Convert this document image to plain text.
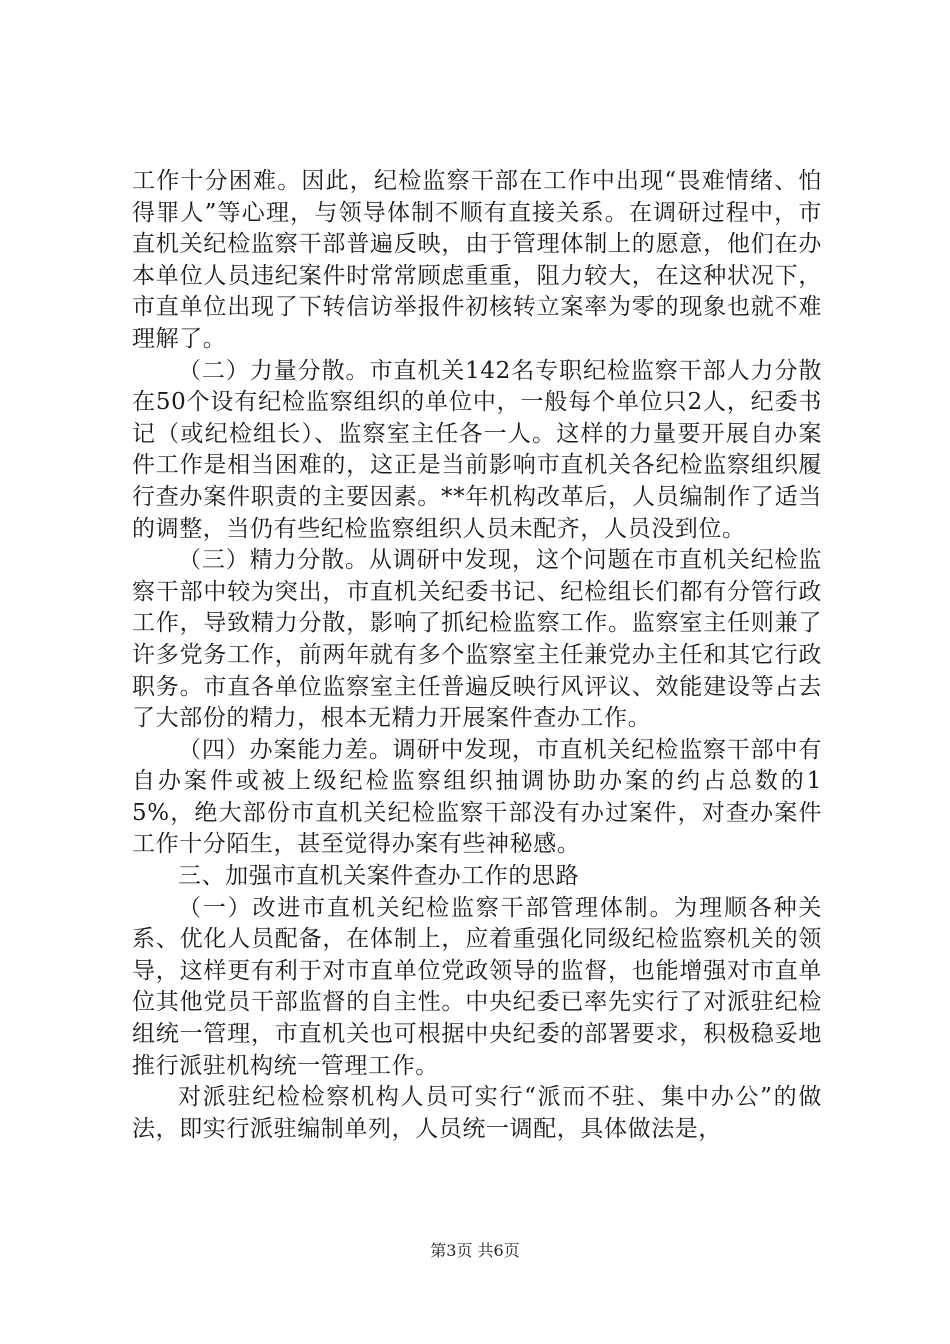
工作十分困难。因此，纪检监察干部在工作中出现“畏难情绪、怕得罪人”等心理，与领导体制不顺有直接关系。在调研过程中，市直机关纪检监察干部普遍反映，由于管理体制上的愿意，他们在办本单位人员违纪案件时常常顾虑重重，阻力较大，在这种状况下，市直单位出现了下转信访举报件初核转立案率为零的现象也就不难理解了。

（二）力量分散。市直机关142名专职纪检监察干部人力分散在50个设有纪检监察组织的单位中，一般每个单位只2人，纪委书记（或纪检组长）、监察室主任各一人。这样的力量要开展自办案件工作是相当困难的，这正是当前影响市直机关各纪检监察组织履行查办案件职责的主要因素。**年机构改革后，人员编制作了适当的调整，当仍有些纪检监察组织人员未配齐，人员没到位。

（三）精力分散。从调研中发现，这个问题在市直机关纪检监察干部中较为突出，市直机关纪委书记、纪检组长们都有分管行政工作，导致精力分散，影响了抓纪检监察工作。监察室主任则兼了许多党务工作，前两年就有多个监察室主任兼党办主任和其它行政职务。市直各单位监察室主任普遍反映行风评议、效能建设等占去了大部份的精力，根本无精力开展案件查办工作。

（四）办案能力差。调研中发现，市直机关纪检监察干部中有自办案件或被上级纪检监察组织抽调协助办案的约占总数的15%，绝大部份市直机关纪检监察干部没有办过案件，对查办案件工作十分陌生，甚至觉得办案有些神秘感。

三、加强市直机关案件查办工作的思路

（一）改进市直机关纪检监察干部管理体制。为理顺各种关系、优化人员配备，在体制上，应着重强化同级纪检监察机关的领导，这样更有利于对市直单位党政领导的监督，也能增强对市直单位其他党员干部监督的自主性。中央纪委已率先实行了对派驻纪检组统一管理，市直机关也可根据中央纪委的部署要求，积极稳妥地推行派驻机构统一管理工作。

对派驻纪检检察机构人员可实行“派而不驻、集中办公”的做法，即实行派驻编制单列，人员统一调配，具体做法是，

第3页 共6页
